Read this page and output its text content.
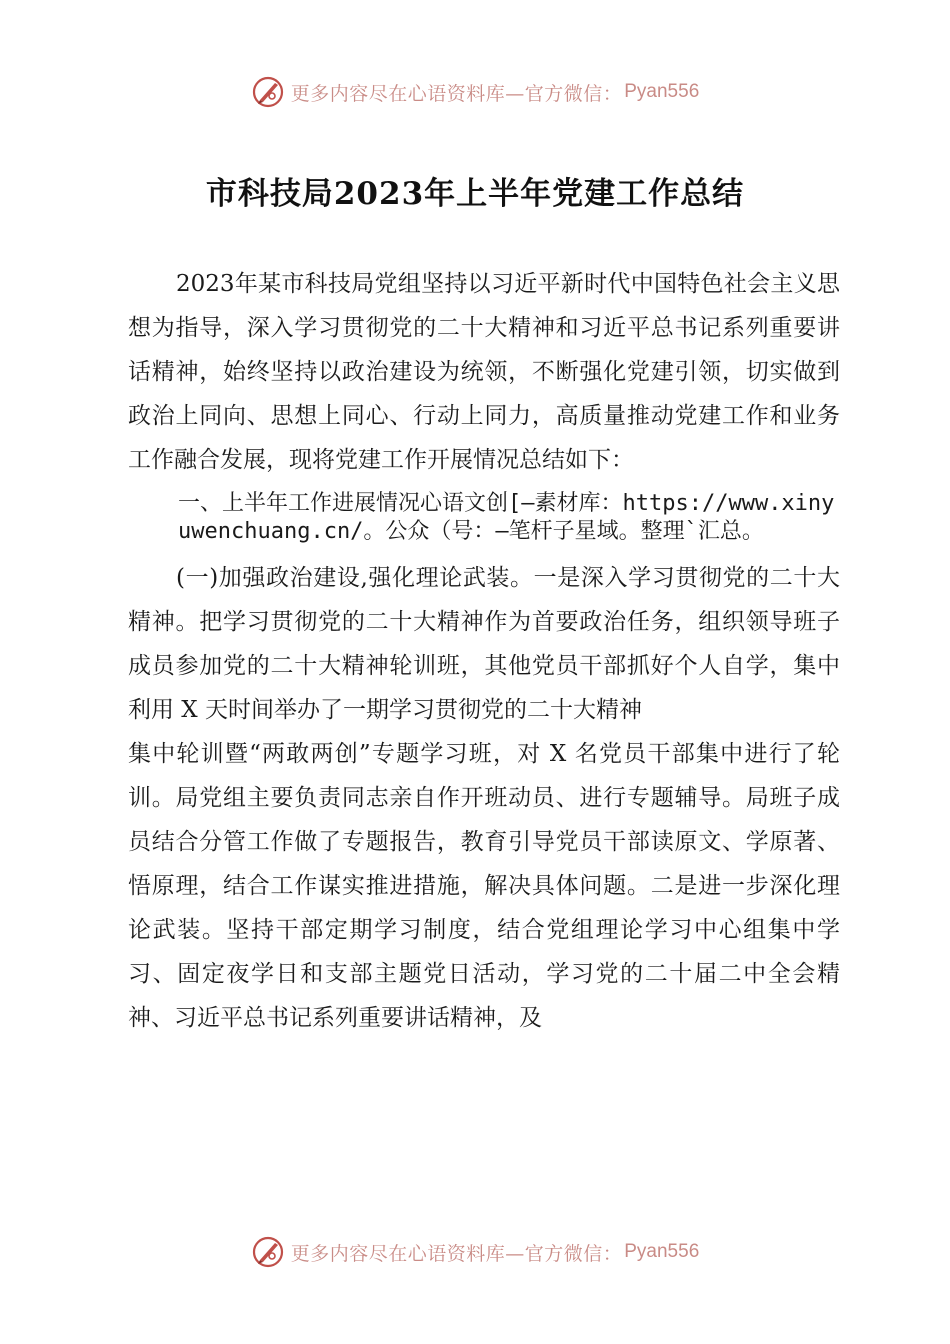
更多内容尽在心语资料库—官方微信： Pyan556
市科技局2023年上半年党建工作总结

2023年某市科技局党组坚持以习近平新时代中国特色社会主义思想为指导，深入学习贯彻党的二十大精神和习近平总书记系列重要讲话精神，始终坚持以政治建设为统领，不断强化党建引领，切实做到政治上同向、思想上同心、行动上同力，高质量推动党建工作和业务工作融合发展，现将党建工作开展情况总结如下：

一、上半年工作进展情况心语文创[—素材库：https://www.xinyuwenchuang.cn/。公众（号：—笔杆子星域。整理`汇总。

(一)加强政治建设,强化理论武装。一是深入学习贯彻党的二十大精神。把学习贯彻党的二十大精神作为首要政治任务，组织领导班子成员参加党的二十大精神轮训班，其他党员干部抓好个人自学，集中利用 X 天时间举办了一期学习贯彻党的二十大精神

集中轮训暨“两敢两创”专题学习班，对 X 名党员干部集中进行了轮训。局党组主要负责同志亲自作开班动员、进行专题辅导。局班子成员结合分管工作做了专题报告，教育引导党员干部读原文、学原著、悟原理，结合工作谋实推进措施，解决具体问题。二是进一步深化理论武装。坚持干部定期学习制度，结合党组理论学习中心组集中学习、固定夜学日和支部主题党日活动，学习党的二十届二中全会精神、习近平总书记系列重要讲话精神，及

更多内容尽在心语资料库—官方微信： Pyan556
